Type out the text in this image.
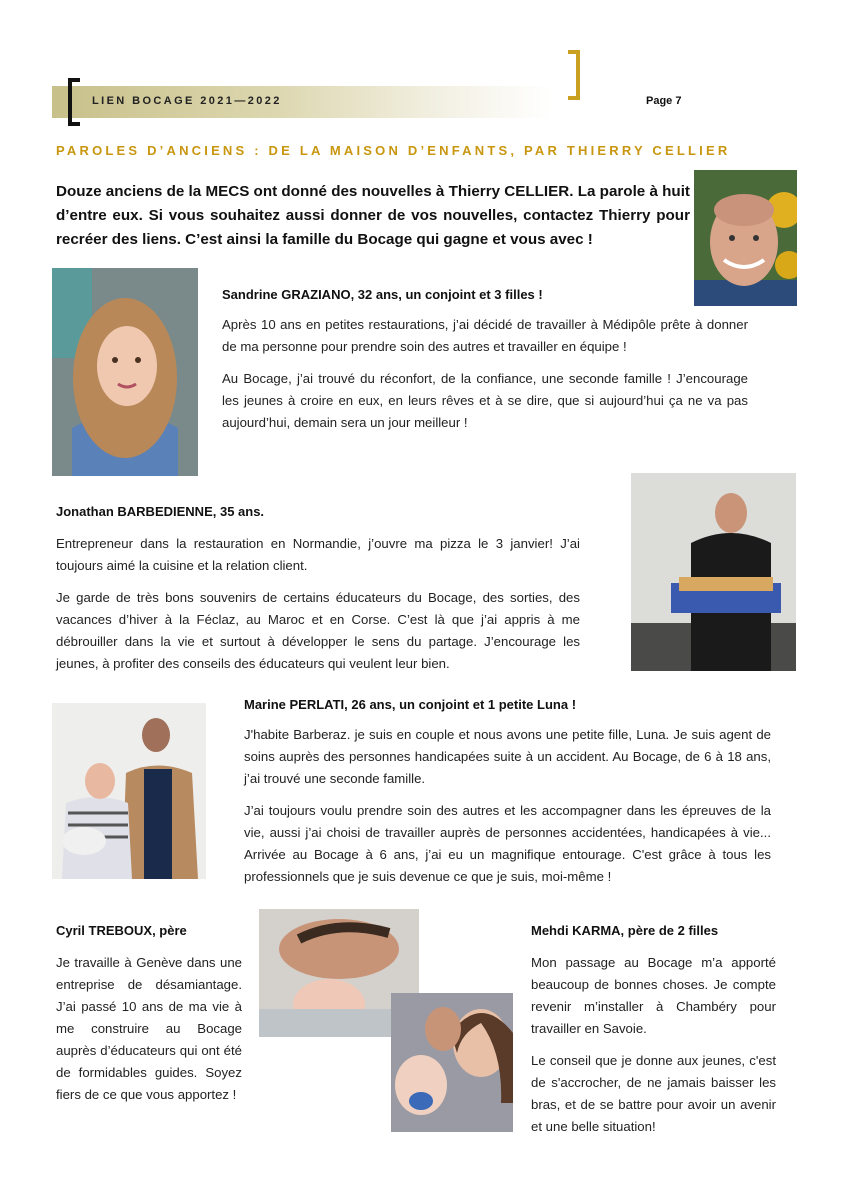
LIEN BOCAGE 2021—2022	Page 7
PAROLES D’ANCIENS : DE LA MAISON D’ENFANTS, PAR THIERRY CELLIER
Douze anciens de la MECS ont donné des nouvelles à Thierry CELLIER. La parole à huit d’entre eux. Si vous souhaitez aussi donner de vos nouvelles, contactez Thierry pour recréer des liens. C’est ainsi la famille du Bocage qui gagne et vous avec !
Sandrine GRAZIANO, 32 ans, un conjoint et 3 filles !

Après 10 ans en petites restaurations, j’ai décidé de travailler à Médipôle prête à donner de ma personne pour prendre soin des autres et travailler en équipe !

Au Bocage, j’ai trouvé du réconfort, de la confiance, une seconde famille ! J’encourage les jeunes à croire en eux, en leurs rêves et à se dire, que si aujourd’hui ça ne va pas aujourd’hui, demain sera un jour meilleur !

Jonathan BARBEDIENNE, 35 ans.

Entrepreneur dans la restauration en Normandie, j’ouvre ma pizza le 3 janvier! J’ai toujours aimé la cuisine et la relation client.

Je garde de très bons souvenirs de certains éducateurs du Bocage, des sorties, des vacances d’hiver à la Féclaz, au Maroc et en Corse. C’est là que j’ai appris à me débrouiller dans la vie et surtout à développer le sens du partage. J’encourage les jeunes, à profiter des conseils des éducateurs qui veulent leur bien.

Marine PERLATI, 26 ans, un conjoint et 1 petite Luna !

J'habite Barberaz. je suis en couple et nous avons une petite fille, Luna. Je suis agent de soins auprès des personnes handicapées suite à un accident. Au Bocage, de 6 à 18 ans, j’ai trouvé une seconde famille.

J’ai toujours voulu prendre soin des autres et les accompagner dans les épreuves de la vie, aussi j’ai choisi de travailler auprès de personnes accidentées, handicapées à vie... Arrivée au Bocage à 6 ans, j’ai eu un magnifique entourage. C'est grâce à tous les professionnels que je suis devenue ce que je suis, moi-même !

Cyril TREBOUX, père

Je travaille à Genève dans une entreprise de désamiantage. J’ai passé 10 ans de ma vie à me construire au Bocage auprès d’éducateurs qui ont été de formidables guides. Soyez fiers de ce que vous apportez !

Mehdi KARMA, père de 2 filles

Mon passage au Bocage m’a apporté beaucoup de bonnes choses. Je compte revenir m’installer à Chambéry pour travailler en Savoie.

Le conseil que je donne aux jeunes, c'est de s'accrocher, de ne jamais baisser les bras, et de se battre pour avoir un avenir et une belle situation!
